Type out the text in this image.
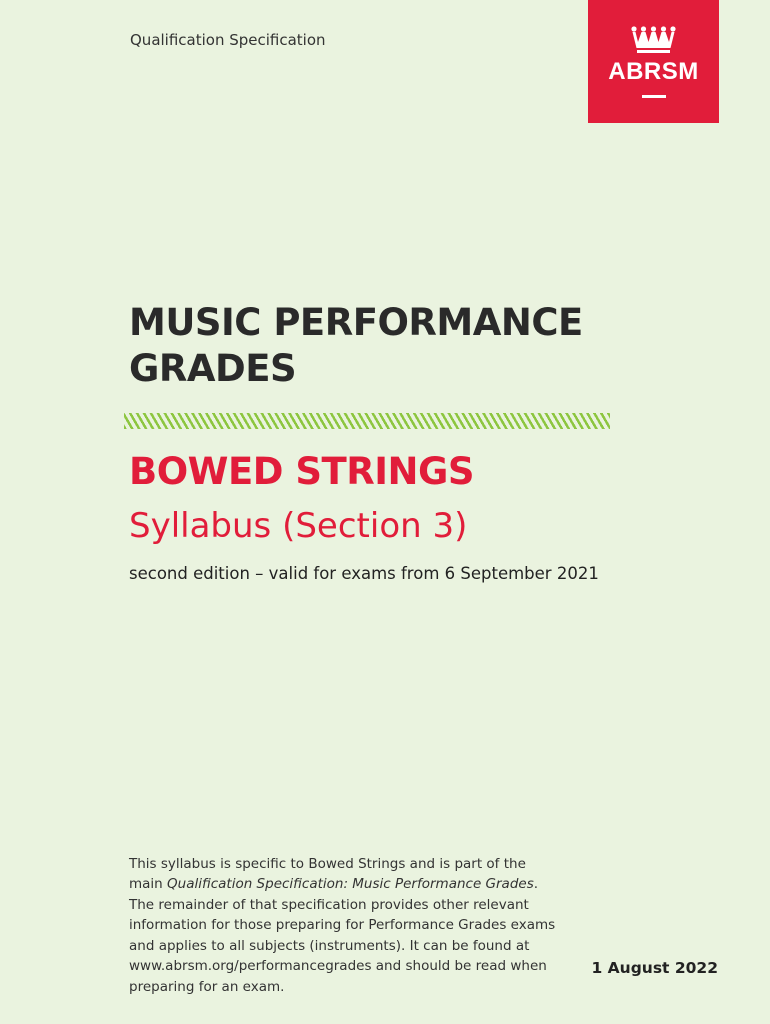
Qualification Specification
ABRSM
MUSIC PERFORMANCE
GRADES
BOWED STRINGS
Syllabus (Section 3)
second edition – valid for exams from 6 September 2021

This syllabus is specific to Bowed Strings and is part of the main Qualification Specification: Music Performance Grades. The remainder of that specification provides other relevant information for those preparing for Performance Grades exams and applies to all subjects (instruments). It can be found at www.abrsm.org/performancegrades and should be read when preparing for an exam.

1 August 2022
